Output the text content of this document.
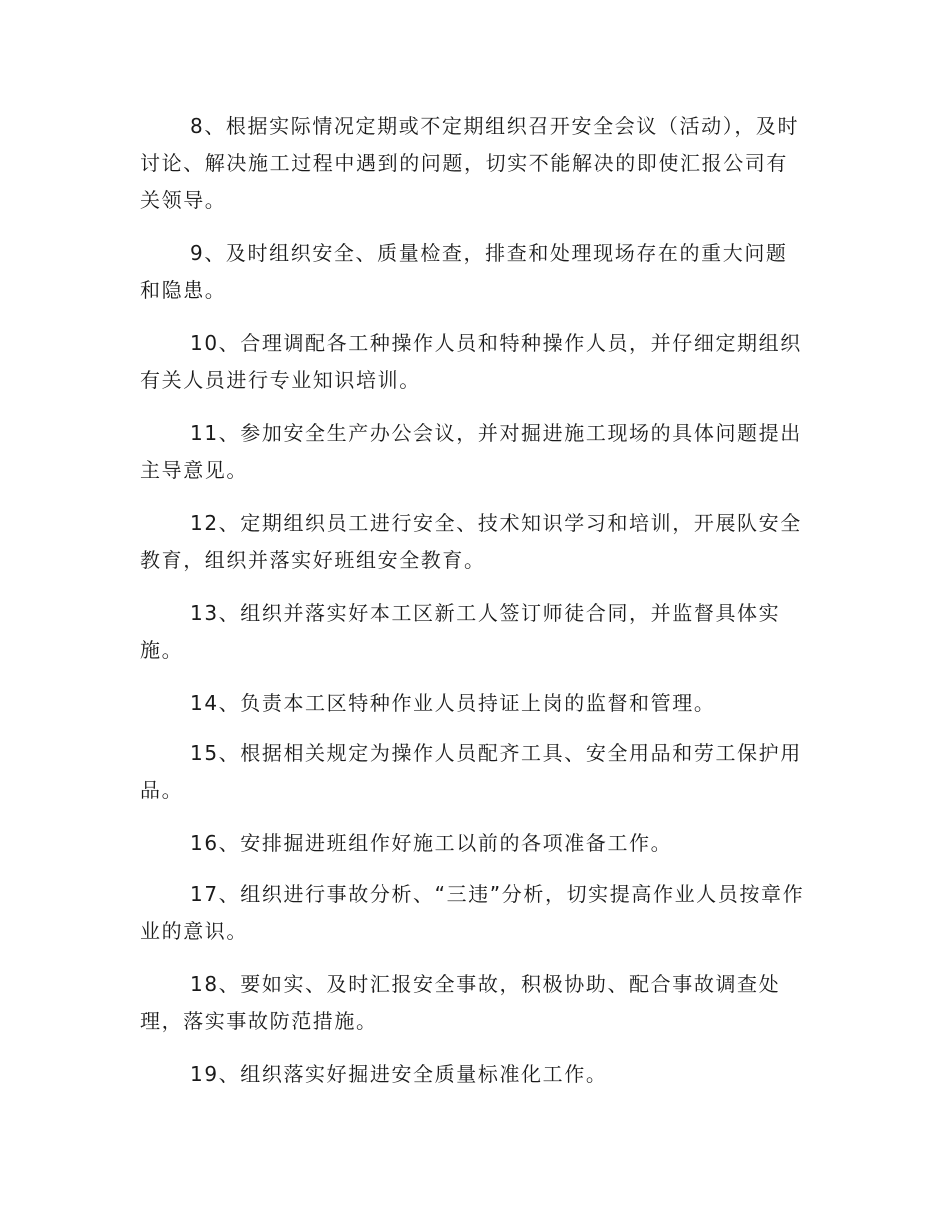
8、根据实际情况定期或不定期组织召开安全会议（活动），及时讨论、解决施工过程中遇到的问题，切实不能解决的即使汇报公司有关领导。

9、及时组织安全、质量检查，排查和处理现场存在的重大问题和隐患。

10、合理调配各工种操作人员和特种操作人员，并仔细定期组织有关人员进行专业知识培训。

11、参加安全生产办公会议，并对掘进施工现场的具体问题提出主导意见。

12、定期组织员工进行安全、技术知识学习和培训，开展队安全教育，组织并落实好班组安全教育。

13、组织并落实好本工区新工人签订师徒合同，并监督具体实施。

14、负责本工区特种作业人员持证上岗的监督和管理。

15、根据相关规定为操作人员配齐工具、安全用品和劳工保护用品。

16、安排掘进班组作好施工以前的各项准备工作。

17、组织进行事故分析、“三违”分析，切实提高作业人员按章作业的意识。

18、要如实、及时汇报安全事故，积极协助、配合事故调查处理，落实事故防范措施。

19、组织落实好掘进安全质量标准化工作。
